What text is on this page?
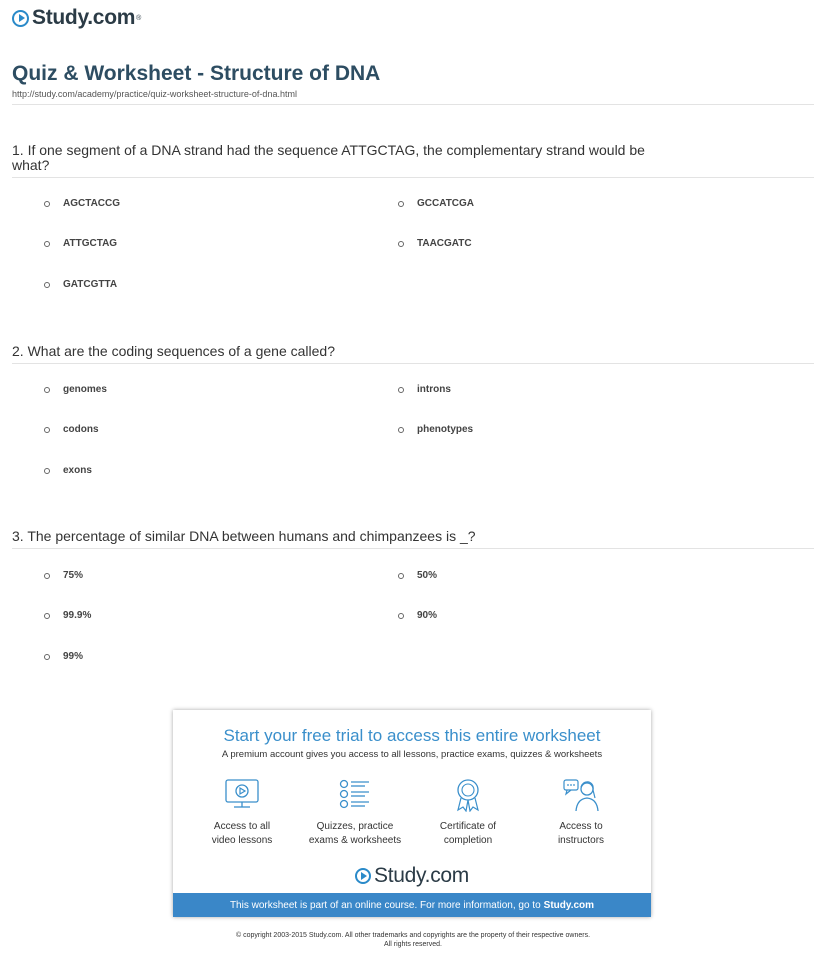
Study.com ®
Quiz & Worksheet - Structure of DNA
http://study.com/academy/practice/quiz-worksheet-structure-of-dna.html
1. If one segment of a DNA strand had the sequence ATTGCTAG, the complementary strand would be what?
AGCTACCG	GCCATCGA
ATTGCTAG	TAACGATC
GATCGTTA
2. What are the coding sequences of a gene called?
genomes	introns
codons	phenotypes
exons
3. The percentage of similar DNA between humans and chimpanzees is _?
75%	50%
99.9%	90%
99%
Start your free trial to access this entire worksheet
A premium account gives you access to all lessons, practice exams, quizzes & worksheets
Access to all
video lessons
Quizzes, practice
exams & worksheets
Certificate of
completion
Access to
instructors
Study.com
This worksheet is part of an online course. For more information, go to Study.com
© copyright 2003-2015 Study.com. All other trademarks and copyrights are the property of their respective owners.
All rights reserved.
